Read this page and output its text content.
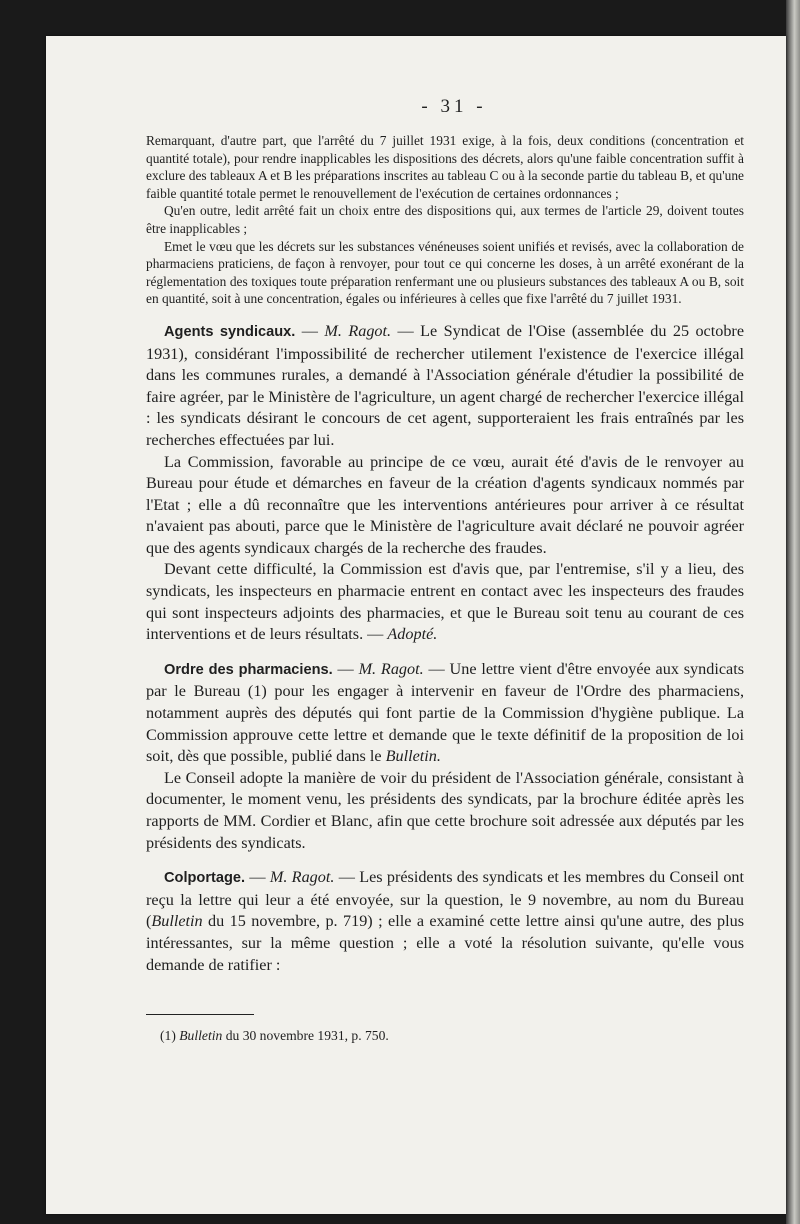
- 31 -

Remarquant, d'autre part, que l'arrêté du 7 juillet 1931 exige, à la fois, deux conditions (concentration et quantité totale), pour rendre inapplicables les dispositions des décrets, alors qu'une faible concentration suffit à exclure des tableaux A et B les préparations inscrites au tableau C ou à la seconde partie du tableau B, et qu'une faible quantité totale permet le renouvellement de l'exécution de certaines ordonnances ;

Qu'en outre, ledit arrêté fait un choix entre des dispositions qui, aux termes de l'article 29, doivent toutes être inapplicables ;

Emet le vœu que les décrets sur les substances vénéneuses soient unifiés et revisés, avec la collaboration de pharmaciens praticiens, de façon à renvoyer, pour tout ce qui concerne les doses, à un arrêté exonérant de la réglementation des toxiques toute préparation renfermant une ou plusieurs substances des tableaux A ou B, soit en quantité, soit à une concentration, égales ou inférieures à celles que fixe l'arrêté du 7 juillet 1931.

Agents syndicaux. — M. Ragot. — Le Syndicat de l'Oise (assemblée du 25 octobre 1931), considérant l'impossibilité de rechercher utilement l'existence de l'exercice illégal dans les communes rurales, a demandé à l'Association générale d'étudier la possibilité de faire agréer, par le Ministère de l'agriculture, un agent chargé de rechercher l'exercice illégal : les syndicats désirant le concours de cet agent, supporteraient les frais entraînés par les recherches effectuées par lui.

La Commission, favorable au principe de ce vœu, aurait été d'avis de le renvoyer au Bureau pour étude et démarches en faveur de la création d'agents syndicaux nommés par l'Etat ; elle a dû reconnaître que les interventions antérieures pour arriver à ce résultat n'avaient pas abouti, parce que le Ministère de l'agriculture avait déclaré ne pouvoir agréer que des agents syndicaux chargés de la recherche des fraudes.

Devant cette difficulté, la Commission est d'avis que, par l'entremise, s'il y a lieu, des syndicats, les inspecteurs en pharmacie entrent en contact avec les inspecteurs des fraudes qui sont inspecteurs adjoints des pharmacies, et que le Bureau soit tenu au courant de ces interventions et de leurs résultats. — Adopté.

Ordre des pharmaciens. — M. Ragot. — Une lettre vient d'être envoyée aux syndicats par le Bureau (1) pour les engager à intervenir en faveur de l'Ordre des pharmaciens, notamment auprès des députés qui font partie de la Commission d'hygiène publique. La Commission approuve cette lettre et demande que le texte définitif de la proposition de loi soit, dès que possible, publié dans le Bulletin.

Le Conseil adopte la manière de voir du président de l'Association générale, consistant à documenter, le moment venu, les présidents des syndicats, par la brochure éditée après les rapports de MM. Cordier et Blanc, afin que cette brochure soit adressée aux députés par les présidents des syndicats.

Colportage. — M. Ragot. — Les présidents des syndicats et les membres du Conseil ont reçu la lettre qui leur a été envoyée, sur la question, le 9 novembre, au nom du Bureau (Bulletin du 15 novembre, p. 719) ; elle a examiné cette lettre ainsi qu'une autre, des plus intéressantes, sur la même question ; elle a voté la résolution suivante, qu'elle vous demande de ratifier :

(1) Bulletin du 30 novembre 1931, p. 750.
